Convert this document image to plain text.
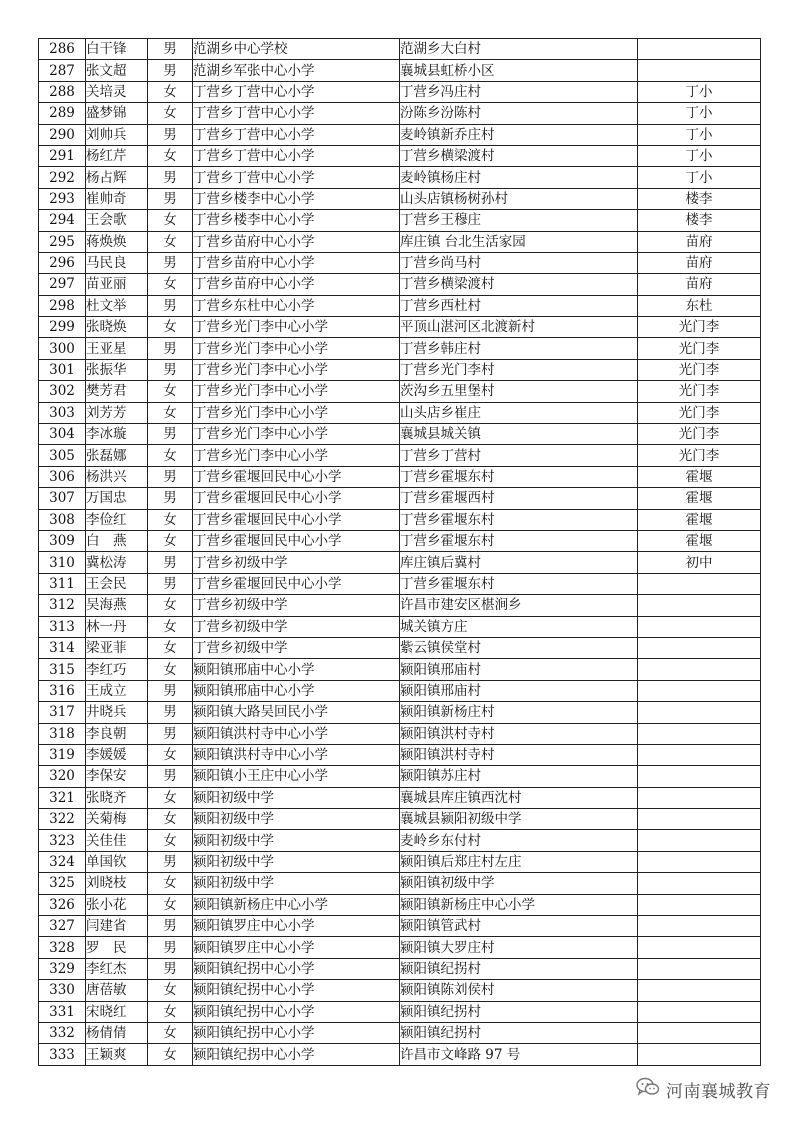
286	白干锋	男	范湖乡中心学校	范湖乡大白村	
287	张文超	男	范湖乡军张中心小学	襄城县虹桥小区	
288	关培灵	女	丁营乡丁营中心小学	丁营乡冯庄村	丁小
289	盛梦锦	女	丁营乡丁营中心小学	汾陈乡汾陈村	丁小
290	刘帅兵	男	丁营乡丁营中心小学	麦岭镇新乔庄村	丁小
291	杨红芹	女	丁营乡丁营中心小学	丁营乡横梁渡村	丁小
292	杨占辉	男	丁营乡丁营中心小学	麦岭镇杨庄村	丁小
293	崔帅奇	男	丁营乡楼李中心小学	山头店镇杨树孙村	楼李
294	王会歌	女	丁营乡楼李中心小学	丁营乡王穆庄	楼李
295	蒋焕焕	女	丁营乡苗府中心小学	库庄镇 台北生活家园	苗府
296	马民良	男	丁营乡苗府中心小学	丁营乡尚马村	苗府
297	苗亚丽	女	丁营乡苗府中心小学	丁营乡横梁渡村	苗府
298	杜文举	男	丁营乡东杜中心小学	丁营乡西杜村	东杜
299	张晓焕	女	丁营乡光门李中心小学	平顶山湛河区北渡新村	光门李
300	王亚星	男	丁营乡光门李中心小学	丁营乡韩庄村	光门李
301	张振华	男	丁营乡光门李中心小学	丁营乡光门李村	光门李
302	樊芳君	女	丁营乡光门李中心小学	茨沟乡五里堡村	光门李
303	刘芳芳	女	丁营乡光门李中心小学	山头店乡崔庄	光门李
304	李冰璇	男	丁营乡光门李中心小学	襄城县城关镇	光门李
305	张磊娜	女	丁营乡光门李中心小学	丁营乡丁营村	光门李
306	杨洪兴	男	丁营乡霍堰回民中心小学	丁营乡霍堰东村	霍堰
307	万国忠	男	丁营乡霍堰回民中心小学	丁营乡霍堰西村	霍堰
308	李俭红	女	丁营乡霍堰回民中心小学	丁营乡霍堰东村	霍堰
309	白　燕	女	丁营乡霍堰回民中心小学	丁营乡霍堰东村	霍堰
310	冀松涛	男	丁营乡初级中学	库庄镇后冀村	初中
311	王会民	男	丁营乡霍堰回民中心小学	丁营乡霍堰东村	
312	吴海燕	女	丁营乡初级中学	许昌市建安区椹涧乡	
313	林一丹	女	丁营乡初级中学	城关镇方庄	
314	梁亚菲	女	丁营乡初级中学	紫云镇侯堂村	
315	李红巧	女	颍阳镇邢庙中心小学	颍阳镇邢庙村	
316	王成立	男	颍阳镇邢庙中心小学	颍阳镇邢庙村	
317	井晓兵	男	颍阳镇大路吴回民小学	颍阳镇新杨庄村	
318	李良朝	男	颍阳镇洪村寺中心小学	颍阳镇洪村寺村	
319	李媛媛	女	颍阳镇洪村寺中心小学	颍阳镇洪村寺村	
320	李保安	男	颍阳镇小王庄中心小学	颍阳镇苏庄村	
321	张晓齐	女	颍阳初级中学	襄城县库庄镇西沈村	
322	关菊梅	女	颍阳初级中学	襄城县颍阳初级中学	
323	关佳佳	女	颍阳初级中学	麦岭乡东付村	
324	单国钦	男	颍阳初级中学	颍阳镇后郑庄村左庄	
325	刘晓枝	女	颍阳初级中学	颍阳镇初级中学	
326	张小花	女	颍阳镇新杨庄中心小学	颍阳镇新杨庄中心小学	
327	闫建省	男	颍阳镇罗庄中心小学	颍阳镇管武村	
328	罗　民	男	颍阳镇罗庄中心小学	颍阳镇大罗庄村	
329	李红杰	男	颍阳镇纪拐中心小学	颍阳镇纪拐村	
330	唐蓓敏	女	颍阳镇纪拐中心小学	颍阳镇陈刘侯村	
331	宋晓红	女	颍阳镇纪拐中心小学	颍阳镇纪拐村	
332	杨倩倩	女	颍阳镇纪拐中心小学	颍阳镇纪拐村	
333	王颖爽	女	颍阳镇纪拐中心小学	许昌市文峰路 97 号	
河南襄城教育
